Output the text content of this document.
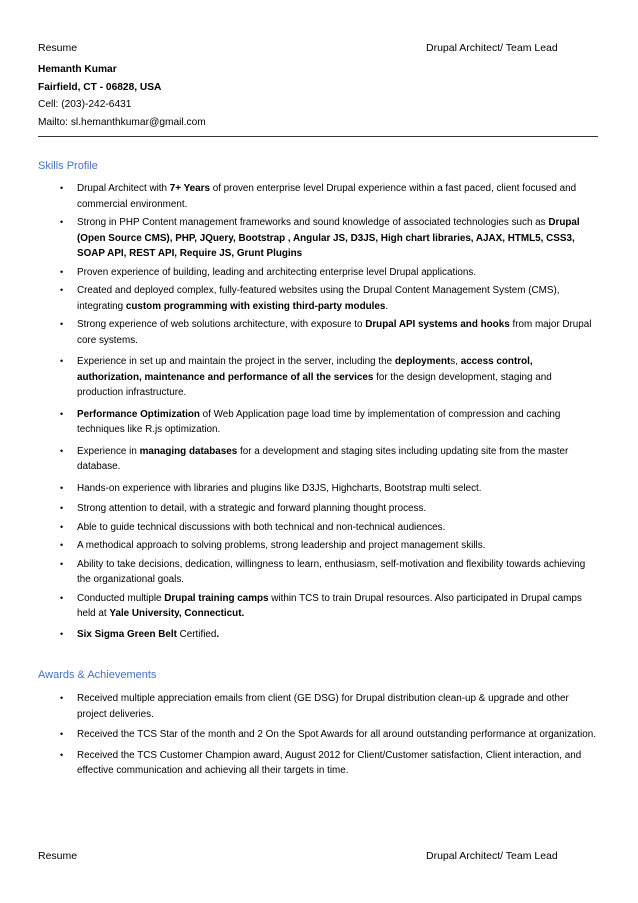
Resume	Drupal Architect/ Team Lead
Hemanth Kumar
Fairfield, CT - 06828, USA
Cell: (203)-242-6431
Mailto: sl.hemanthkumar@gmail.com
Skills Profile
• Drupal Architect with 7+ Years of proven enterprise level Drupal experience within a fast paced, client focused and commercial environment.
• Strong in PHP Content management frameworks and sound knowledge of associated technologies such as Drupal (Open Source CMS), PHP, JQuery, Bootstrap , Angular JS, D3JS, High chart libraries, AJAX, HTML5, CSS3, SOAP API, REST API, Require JS, Grunt Plugins
• Proven experience of building, leading and architecting enterprise level Drupal applications.
• Created and deployed complex, fully-featured websites using the Drupal Content Management System (CMS), integrating custom programming with existing third-party modules.
• Strong experience of web solutions architecture, with exposure to Drupal API systems and hooks from major Drupal core systems.
• Experience in set up and maintain the project in the server, including the deployments, access control, authorization, maintenance and performance of all the services for the design development, staging and production infrastructure.
• Performance Optimization of Web Application page load time by implementation of compression and caching techniques like R.js optimization.
• Experience in managing databases for a development and staging sites including updating site from the master database.
• Hands-on experience with libraries and plugins like D3JS, Highcharts, Bootstrap multi select.
• Strong attention to detail, with a strategic and forward planning thought process.
• Able to guide technical discussions with both technical and non-technical audiences.
• A methodical approach to solving problems, strong leadership and project management skills.
• Ability to take decisions, dedication, willingness to learn, enthusiasm, self-motivation and flexibility towards achieving the organizational goals.
• Conducted multiple Drupal training camps within TCS to train Drupal resources. Also participated in Drupal camps held at Yale University, Connecticut.
• Six Sigma Green Belt Certified.
Awards & Achievements
• Received multiple appreciation emails from client (GE DSG) for Drupal distribution clean-up & upgrade and other project deliveries.
• Received the TCS Star of the month and 2 On the Spot Awards for all around outstanding performance at organization.
• Received the TCS Customer Champion award, August 2012 for Client/Customer satisfaction, Client interaction, and effective communication and achieving all their targets in time.
Resume	Drupal Architect/ Team Lead
